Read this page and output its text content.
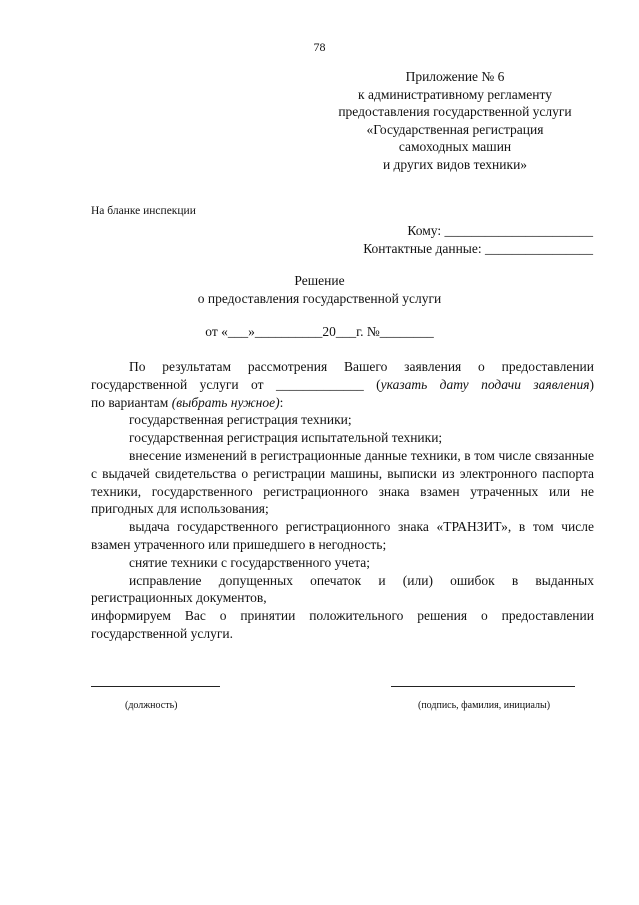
78
Приложение № 6
к административному регламенту
предоставления государственной услуги
«Государственная регистрация
самоходных машин
и других видов техники»
На бланке инспекции
Кому: ______________________
Контактные данные: ________________
Решение
о предоставления государственной услуги
от «___»__________20___г. №________

По результатам рассмотрения Вашего заявления о предоставлении

государственной услуги от _____________ (указать дату подачи заявления)

по вариантам (выбрать нужное):

государственная регистрация техники;

государственная регистрация испытательной техники;

внесение изменений в регистрационные данные техники, в том числе связанные с выдачей свидетельства о регистрации машины, выписки из электронного паспорта техники, государственного регистрационного знака взамен утраченных или не пригодных для использования;

выдача государственного регистрационного знака «ТРАНЗИТ», в том числе взамен утраченного или пришедшего в негодность;

снятие техники с государственного учета;

исправление допущенных опечаток и (или) ошибок в выданных регистрационных документов,

информируем Вас о принятии положительного решения о предоставлении государственной услуги.

(должность)	(подпись, фамилия, инициалы)
